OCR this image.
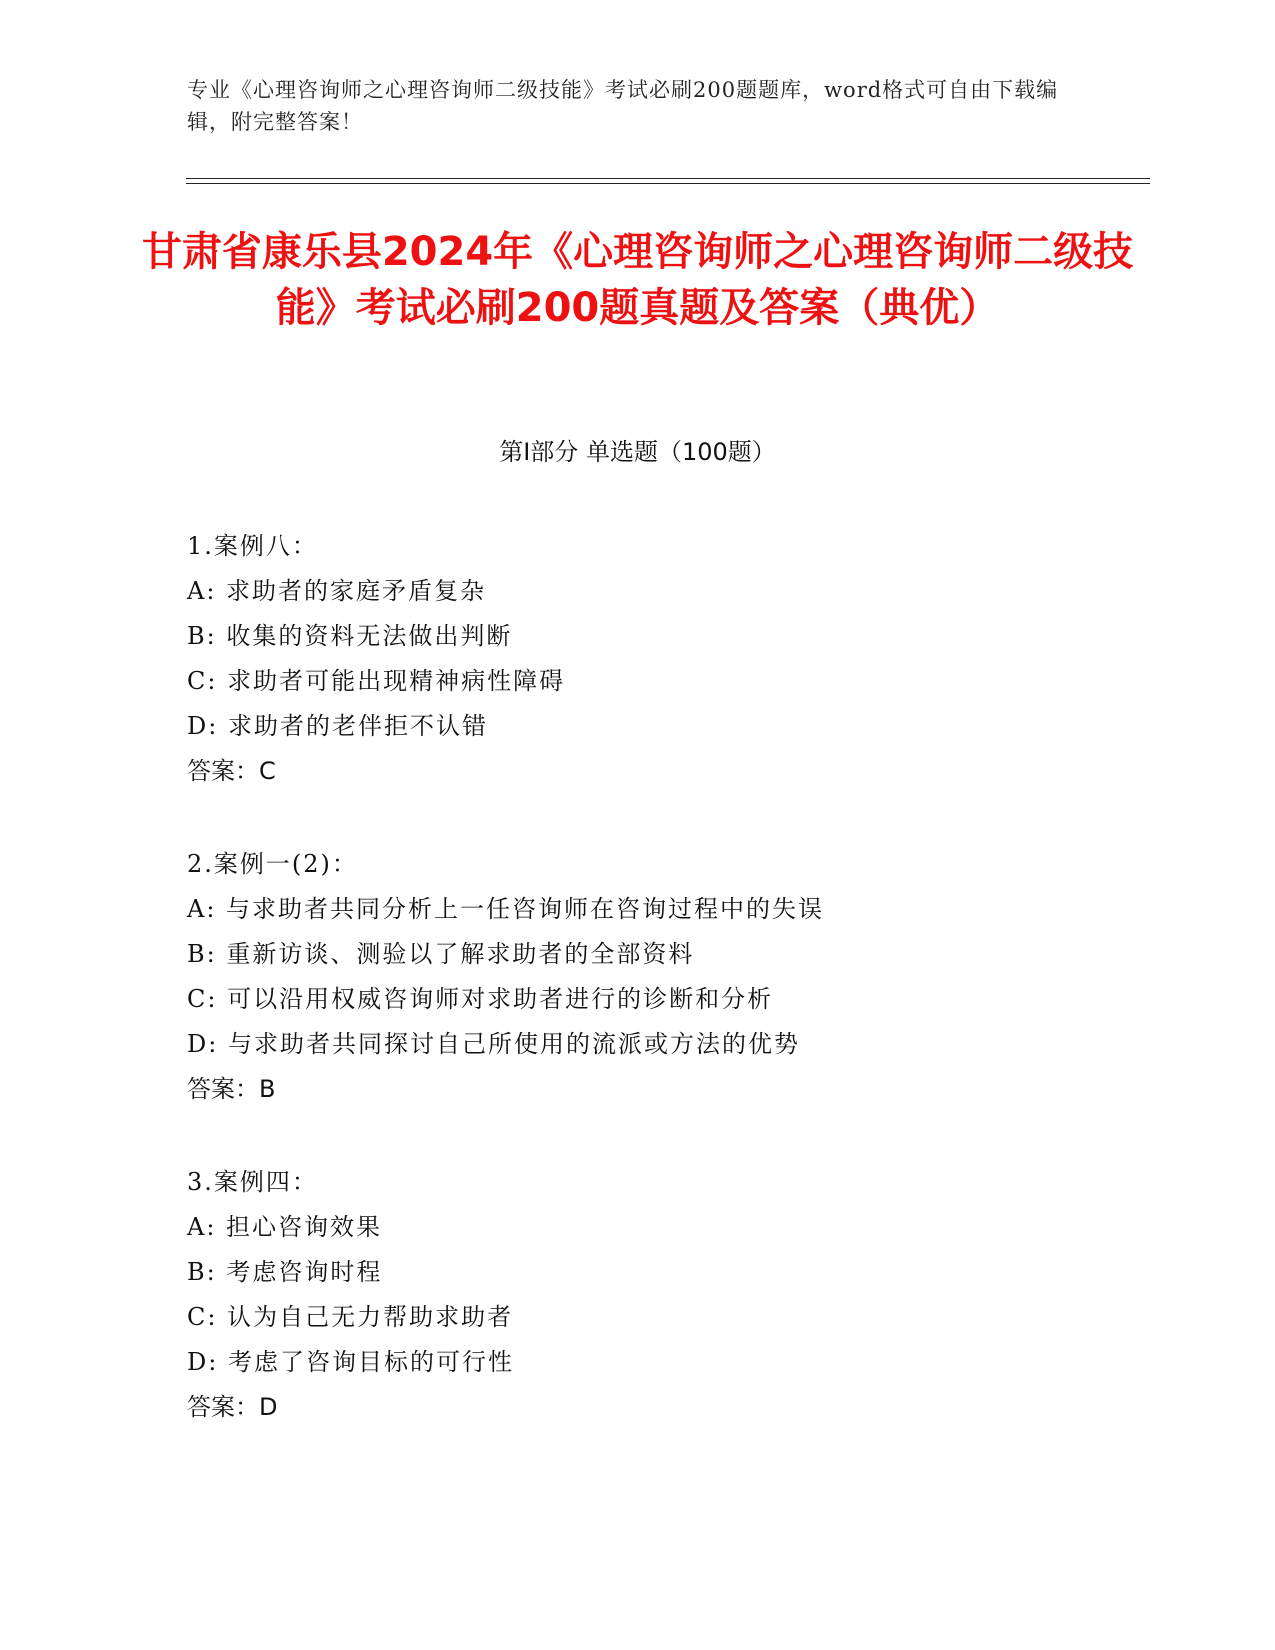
专业《心理咨询师之心理咨询师二级技能》考试必刷200题题库，word格式可自由下载编辑，附完整答案！
甘肃省康乐县2024年《心理咨询师之心理咨询师二级技能》考试必刷200题真题及答案（典优）
第I部分 单选题（100题）
1.案例八：
A: 求助者的家庭矛盾复杂
B: 收集的资料无法做出判断
C: 求助者可能出现精神病性障碍
D: 求助者的老伴拒不认错
答案：C
2.案例一(2)：
A: 与求助者共同分析上一任咨询师在咨询过程中的失误
B: 重新访谈、测验以了解求助者的全部资料
C: 可以沿用权威咨询师对求助者进行的诊断和分析
D: 与求助者共同探讨自己所使用的流派或方法的优势
答案：B
3.案例四：
A: 担心咨询效果
B: 考虑咨询时程
C: 认为自己无力帮助求助者
D: 考虑了咨询目标的可行性
答案：D
